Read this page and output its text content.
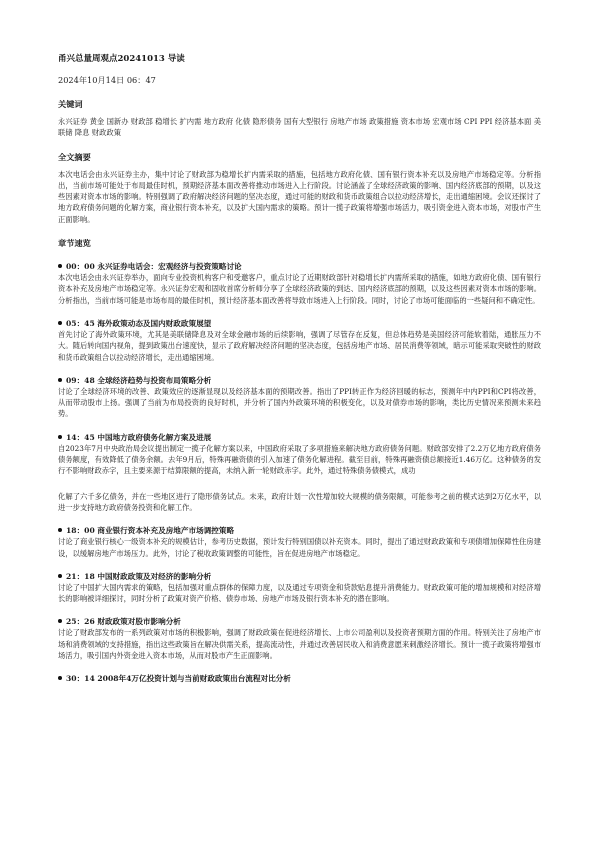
甬兴总量周观点20241013 导读
2024年10月14日 06：47
关键词
永兴证券 黄金 国新办 财政部 稳增长 扩内需 地方政府 化债 隐形债务 国有大型银行 房地产市场 政策措施 资本市场 宏观市场 CPI PPI 经济基本面 美联储 降息 财政政策
全文摘要
本次电话会由永兴证券主办，集中讨论了财政部为稳增长扩内需采取的措施，包括地方政府化债、国有银行资本补充以及房地产市场稳定等。分析指出，当前市场可能处于布局最佳时机，预期经济基本面改善将推动市场进入上行阶段。讨论涵盖了全球经济政策的影响、国内经济底部的预期，以及这些因素对资本市场的影响。特别强调了政府解决经济问题的坚决态度，通过可能的财政和货币政策组合以拉动经济增长，走出通缩困境。会议还探讨了地方政府债务问题的化解方案，商业银行资本补充，以及扩大国内需求的策略。预计一揽子政策将增强市场活力，吸引资金进入资本市场，对股市产生正面影响。
章节速览
00：00 永兴证券电话会：宏观经济与投资策略讨论
本次电话会由永兴证券举办，面向专业投资机构客户和受邀客户，重点讨论了近期财政部针对稳增长扩内需所采取的措施，如地方政府化债、国有银行资本补充及房地产市场稳定等。永兴证券宏观和固收首席分析师分享了全球经济政策的到达、国内经济底部的预期，以及这些因素对资本市场的影响。分析指出，当前市场可能是市场布局的最佳时机，预计经济基本面改善将导致市场进入上行阶段。同时，讨论了市场可能面临的一些疑问和不确定性。
05：45 海外政策动态及国内财政政策展望
首先讨论了海外政策环境，尤其是美联储降息及对全球金融市场的后续影响，强调了尽管存在反复，但总体趋势是美国经济可能软着陆，通胀压力不大。随后转向国内视角，提到政策出台速度快，显示了政府解决经济问题的坚决态度，包括房地产市场、居民消费等领域，暗示可能采取突破性的财政和货币政策组合以拉动经济增长，走出通缩困境。
09：48 全球经济趋势与投资布局策略分析
讨论了全球经济环境的改善、政策效应的逐渐显现以及经济基本面的预期改善。指出了PPI转正作为经济回暖的标志，预测年中内PPI和CPI将改善，从而带动股市上扬。强调了当前为布局投资的良好时机，并分析了国内外政策环境的积极变化，以及对债券市场的影响，类比历史情况来预测未来趋势。
14：45 中国地方政府债务化解方案及进展
自2023年7月中央政治局会议提出制定一揽子化解方案以来，中国政府采取了多项措施来解决地方政府债务问题。财政部安排了2.2万亿地方政府债务债务额度，有效降低了债务余额。去年9月后，特殊再融资债的引入加速了债务化解进程。截至目前，特殊再融资债总额接近1.46万亿。这种债务的发行不影响财政赤字，且主要来源于结算限额的提高，未纳入新一轮财政赤字。此外，通过特殊债务债模式，成功
化解了六千多亿债务，并在一些地区进行了隐形债务试点。未来，政府计划一次性增加较大规模的债务限额，可能参考之前的模式达到2万亿水平，以进一步支持地方政府债务投资和化解工作。
18：00 商业银行资本补充及房地产市场调控策略
讨论了商业银行核心一级资本补充的规模估计，参考历史数据，预计发行特别国债以补充资本。同时，提出了通过财政政策和专项债增加保障性住房建设，以缓解房地产市场压力。此外，讨论了税收政策调整的可能性，旨在促进房地产市场稳定。
21：18 中国财政政策及对经济的影响分析
讨论了中国扩大国内需求的策略，包括加强对重点群体的保障力度，以及通过专项资金和贷款贴息提升消费能力。财政政策可能的增加规模和对经济增长的影响被详细探讨，同时分析了政策对资产价格、债券市场、房地产市场及银行资本补充的潜在影响。
25：26 财政政策对股市影响分析
讨论了财政部发布的一系列政策对市场的积极影响，强调了财政政策在促进经济增长、上市公司盈利以及投资者预期方面的作用。特别关注了房地产市场和消费领域的支持措施，指出这些政策旨在解决供需关系，提高流动性，并通过改善居民收入和消费意愿来刺激经济增长。预计一揽子政策将增强市场活力，吸引国内外资金进入资本市场，从而对股市产生正面影响。
30：14 2008年4万亿投资计划与当前财政政策出台流程对比分析
